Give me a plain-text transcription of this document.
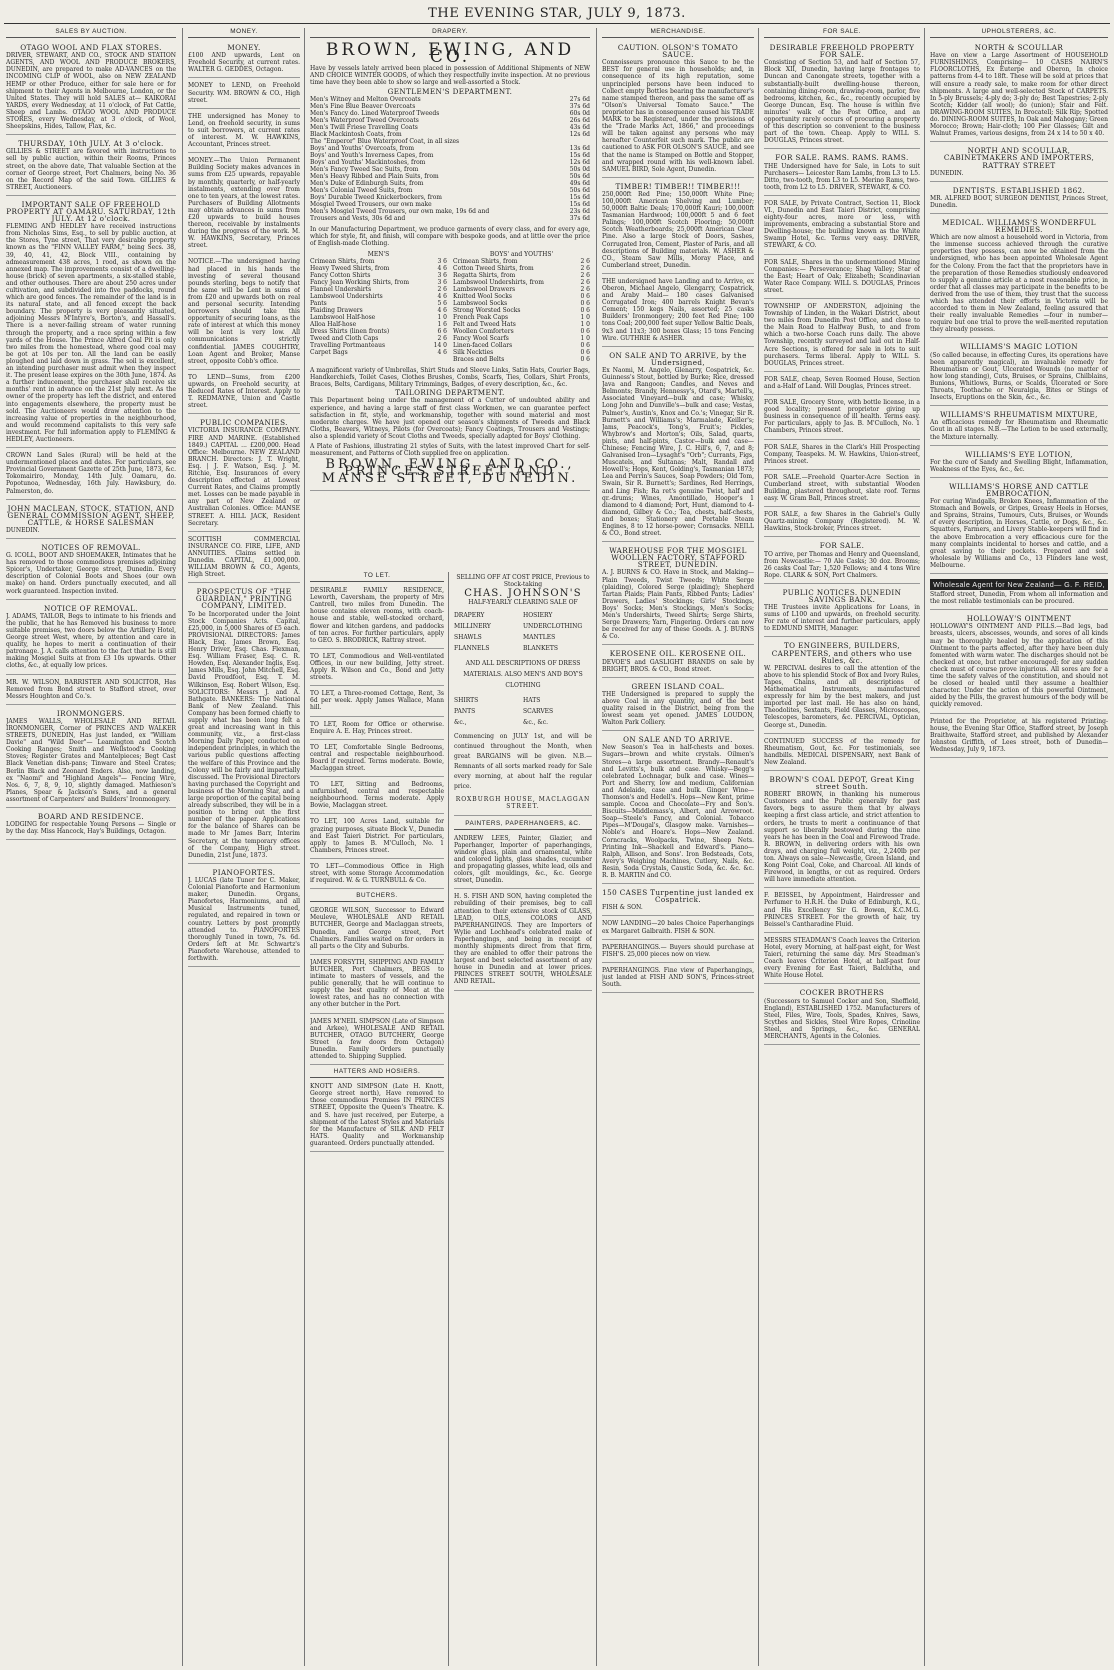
THE EVENING STAR, JULY 9, 1873.
SALES BY AUCTION.
OTAGO WOOL AND FLAX STORES.

DRIVER, STEWART, AND CO., STOCK AND STATION AGENTS, AND WOOL AND PRODUCE BROKERS, DUNEDIN, are prepared to make AD-VANCES on the INCOMING CLIP of WOOL, also on NEW ZEALAND HEMP or other Produce, either for sale here or for shipment to their Agents in Melbourne, London, or the United States. They will hold SALES at— KAIKORAI YARDS, every Wednesday, at 11 o'clock, of Fat Cattle, Sheep and Lambs. OTAGO WOOL AND PRODUCE STORES, every Wednesday, at 3 o'clock, of Wool, Sheepskins, Hides, Tallow, Flax, &c.

THURSDAY, 10th JULY. At 3 o'clock.

GILLIES & STREET are favored with instructions to sell by public auction, within their Rooms, Princes street, on the above date, That valuable Section at the corner of George street, Port Chalmers, being No. 36 on the Record Map of the said Town. GILLIES & STREET, Auctioneers.

IMPORTANT SALE OF FREEHOLD PROPERTY AT OAMARU. SATURDAY, 12th JULY. At 12 o'clock.

FLEMING AND HEDLEY have received instructions from Nicholas Sims, Esq., to sell by public auction, at the Stores, Tyne street, That very desirable property known as the "FINN VALLEY FARM," being Secs. 38, 39, 40, 41, 42, Block VIII., containing by admeasurement 438 acres, 1 rood, as shown on the annexed map. The improvements consist of a dwelling-house (brick) of seven apartments, a six-stalled stable, and other outhouses. There are about 250 acres under cultivation, and subdivided into five paddocks, round which are good fences. The remainder of the land is in its natural state, and all fenced except the back boundary. The property is very pleasantly situated, adjoining Messrs M'Intyre's, Borton's, and Hassall's. There is a never-failing stream of water running through the property, and a race spring within a few yards of the House. The Prince Alfred Coal Pit is only two miles from the homestead, where good coal may be got at 10s per ton. All the land can be easily ploughed and laid down in grass. The soil is excellent, an intending purchaser must admit when they inspect it. The present lease expires on the 30th June, 1874. As a further inducement, the purchaser shall receive six months' rent in advance on the 21st July next. As the owner of the property has left the district, and entered into engagements elsewhere, the property must be sold. The Auctioneers would draw attention to the increasing value of properties in the neighbourhood, and would recommend capitalists to this very safe investment. For full information apply to FLEMING & HEDLEY, Auctioneers.

CROWN Land Sales (Rural) will be held at the undermentioned places and dates. For particulars, see Provincial Government Gazette of 25th June, 1873, &c. Tokomairiro, Monday, 14th July. Oamaru, do. Popotunoa, Wednesday, 16th July. Hawksbury, do. Palmerston, do.

JOHN MACLEAN, STOCK, STATION, AND GENERAL COMMISSION AGENT, SHEEP, CATTLE, & HORSE SALESMAN

DUNEDIN.

NOTICES OF REMOVAL.

G. ICOLL, BOOT AND SHOEMAKER, Intimates that he has removed to those commodious premises adjoining Spicer's, Undertaker, George street, Dunedin. Every description of Colonial Boots and Shoes (our own make) on hand. Orders punctually executed, and all work guaranteed. Inspection invited.

NOTICE OF REMOVAL.

J. ADAMS, TAILOR, Begs to intimate to his friends and the public, that he has Removed his business to more suitable premises, two doors below the Artillery Hotel, George street West, where, by attention and care in quality, he hopes to merit a continuation of their patronage. J. A. calls attention to the fact that he is still making Mosgiel Suits at from £3 10s upwards. Other cloths, &c., at equally low prices.

MR. W. WILSON, BARRISTER AND SOLICITOR, Has Removed from Bond street to Stafford street, over Messrs Houghton and Co.'s.

IRONMONGERS.

JAMES WALLS, WHOLESALE AND RETAIL IRONMONGER, Corner of PRINCES AND WALKER STREETS, DUNEDIN, Has just landed, ex "William Davie" and "Wild Deer"— Leamington and Scotch Cooking Ranges; Smith and Wellstood's Cooking Stoves; Register Grates and Mantelpieces; Begt Cast Black Venetian dish-pans; Tinware and Steel Crates; Berlin Black and Zeonard Enders. Also, now landing, ex "Naomi" and "Highland Angels"— Fencing Wire, Nos. 6, 7, 8, 9, 10, slightly damaged. Mathieson's Planes, Spear & Jackson's Saws, and a general assortment of Carpenters' and Builders' Ironmongery.

BOARD AND RESIDENCE.

LODGING for respectable Young Persons — Single or by the day. Miss Hancock, Hay's Buildings, Octagon.

MONEY.
MONEY.

£100 AND upwards, Lent on Freehold Security, at current rates. WALTER G. GEDDES, Octagon.

MONEY to LEND, on Freehold Security. WM. BROWN & CO., High street.

THE undersigned has Money to Lend, on freehold security, in sums to suit borrowers, at current rates of interest. M. W. HAWKINS, Accountant, Princes street.

MONEY.—The Union Permanent Building Society makes advances in sums from £25 upwards, repayable by monthly, quarterly, or half-yearly instalments, extending over from one to ten years, at the lowest rates. Purchasers of Building Allotments may obtain advances in sums from £20 upwards to build houses thereon, receivable by instalments during the progress of the work. M. W. HAWKINS, Secretary, Princes street.

NOTICE.—The undersigned having had placed in his hands the investing of several thousand pounds sterling, begs to notify that the same will be Lent in sums of from £20 and upwards both on real and personal security. Intending borrowers should take this opportunity of securing loans, as the rate of interest at which this money will be lent is very low. All communications strictly confidential. JAMES COUGHTRY, Loan Agent and Broker, Manse street, opposite Cobb's office.

TO LEND—Sums, from £200 upwards, on Freehold security, at Reduced Rates of Interest. Apply to T. REDMAYNE, Union and Castle street.

PUBLIC COMPANIES.

VICTORIA INSURANCE COMPANY. FIRE AND MARINE. (Established 1849.) CAPITAL ... £200,000. Head Office: Melbourne. NEW ZEALAND BRANCH. Directors: J. T. Wright, Esq. | J. F. Watson, Esq. J. M. Ritchie, Esq. Insurances of every description effected at Lowest Current Rates, and Claims promptly met. Losses can be made payable in any part of New Zealand or Australian Colonies. Office: MANSE STREET. A. HILL JACK, Resident Secretary.

SCOTTISH COMMERCIAL INSURANCE CO. FIRE, LIFE, AND ANNUITIES. Claims settled in Dunedin. CAPITAL, £1,000,000. WILLIAM BROWN & CO., Agents, High Street.

PROSPECTUS OF "THE GUARDIAN," PRINTING COMPANY, LIMITED.

To be Incorporated under the Joint Stock Companies Acts. Capital, £25,000, in 5,000 Shares of £5 each. PROVISIONAL DIRECTORS: James Black, Esq. James Brown, Esq. Henry Driver, Esq. Chas. Flexman, Esq. William Fraser, Esq. C. R. Howden, Esq. Alexander Inglis, Esq. James Mills, Esq. John Mitchell, Esq. David Proudfoot, Esq. T. M. Wilkinson, Esq. Robert Wilson, Esq. SOLICITORS: Messrs J. and A. Bathgate. BANKERS: The National Bank of New Zealand. This Company has been formed chiefly to supply what has been long felt a great and increasing want in this community, viz., a first-class Morning Daily Paper, conducted on independent principles, in which the various public questions affecting the welfare of this Province and the Colony will be fairly and impartially discussed. The Provisional Directors having purchased the Copyright and business of the Morning Star, and a large proportion of the capital being already subscribed, they will be in a position to bring out the first number of the paper. Applications for the balance of Shares can be made to Mr James Barr, Interim Secretary, at the temporary offices of the Company, High street. Dunedin, 21st June, 1873.

PIANOFORTES.

J. LUCAS (late Tuner for C. Maker, Colonial Pianoforte and Harmonium maker, Dunedin. Organs, Pianofortes, Harmoniums, and all Musical Instruments tuned, regulated, and repaired in town or country. Letters by post promptly attended to. PIANOFORTES thoroughly Tuned in town, 7s. 6d. Orders left at Mr. Schwartz's Pianoforte Warehouse, attended to forthwith.

DRAPERY.
BROWN, EWING, AND CO.

Have by vessels lately arrived been placed in possession of Additional Shipments of NEW AND CHOICE WINTER GOODS, of which they respectfully invite inspection. At no previous time have they been able to show so large and well-assorted a Stock.

GENTLEMEN'S DEPARTMENT.
Men's Witney and Melton Overcoats	27s 6d
Men's Fine Blue Beaver Overcoats	37s 6d
Men's Fancy do. Lined Waterproof Tweeds	60s 0d
Men's Waterproof Tweed Overcoats	26s 6d
Men's Twill Friese Travelling Coats	43s 6d
Black Mackintosh Coats, from	12s 6d
The "Emperor" Blue Waterproof Coat, in all sizes	
Boys' and Youths' Overcoats, from	13s 6d
Boys' and Youth's Inverness Capes, from	15s 6d
Boys' and Youths' Mackintoshes, from	12s 6d
Men's Fancy Tweed Sac Suits, from	50s 0d
Men's Heavy Ribbed and Plain Suits, from	50s 6d
Men's Duke of Edinburgh Suits, from	49s 6d
Men's Colonial Tweed Suits, from	50s 6d
Boys' Durable Tweed Knickerbockers, from	15s 6d
Mosgiel Tweed Trousers, our own make	15s 6d
Men's Mosgiel Tweed Trousers, our own make, 19s 6d and	23s 6d
Trousers and Vests, 30s 6d and	37s 6d

In our Manufacturing Department, we produce garments of every class, and for every age, which for style, fit, and finish, will compare with bespoke goods, and at little over the price of English-made Clothing.

MEN'S
Crimean Shirts, from	3 6
Heavy Tweed Shirts, from	4 6
Fancy Cotton Shirts	3 6
Fancy Jean Working Shirts, from	3 6
Flannel Undershirts	2 6
Lambswool Undershirts	4 6
Pants	5 6
Plaiding Drawers	4 6
Lambswool Half-hose	1 0
Alloa Half-hose	1 6
Dress Shirts (linen fronts)	6 6
Tweed and Cloth Caps	2 6
Travelling Portmanteaus	14 0
Carpet Bags	4 6
BOYS' and YOUTHS'
Crimean Shirts, from	2 6
Cotton Tweed Shirts, from	2 6
Regatta Shirts, from	2 6
Lambswool Undershirts, from	2 6
Lambswool Drawers	2 6
Knitted Wool Socks	0 6
Lambswool Socks	0 6
Strong Worsted Socks	0 6
French Peak Caps	1 0
Felt and Tweed Hats	1 0
Woollen Comforters	0 6
Fancy Wool Scarfs	1 0
Linen-faced Collars	0 6
Silk Neckties	0 6
Braces and Belts	0 6

A magnificent variety of Umbrellas, Shirt Studs and Sleeve Links, Satin Hats, Courier Bags, Handkerchiefs, Toilet Cases, Clothes Brushes, Combs, Scarfs, Ties, Collars, Shirt Fronts, Braces, Belts, Cardigans, Military Trimmings, Badges, of every description, &c., &c.

TAILORING DEPARTMENT.

This Department being under the management of a Cutter of undoubted ability and experience, and having a large staff of first class Workmen, we can guarantee perfect satisfaction in fit, style, and workmanship, together with sound material and most moderate charges. We have just opened our season's shipments of Tweeds and Black Cloths, Beavers, Witneys, Pilots (for Overcoats); Fancy Coatings, Trousers and Vestings; also a splendid variety of Scout Cloths and Tweeds, specially adapted for Boys' Clothing.

A Plate of Fashions, illustrating 21 styles of Suits, with the latest improved Chart for self-measurement, and Patterns of Cloth supplied free on application.

BROWN, EWING, AND CO., PRINCES STREET AND MANSE STREET, DUNEDIN.
TO LET.

DESIRABLE FAMILY RESIDENCE, Leworth, Caversham, the property of Mrs Cantrell, two miles from Dunedin. The house contains eleven rooms, with coach-house and stable, well-stocked orchard, flower and kitchen gardens, and paddocks of ten acres. For further particulars, apply to GEO. S. BRODRICK, Rattray street.

TO LET, Commodious and Well-ventilated Offices, in our new building, Jetty street. Apply R. Wilson and Co., Bond and Jetty streets.

TO LET, a Three-roomed Cottage, Rent, 3s 6d per week. Apply James Wallace, Mann hill.

TO LET, Room for Office or otherwise. Enquire A. E. Hay, Princes street.

TO LET, Comfortable Single Bedrooms, central and respectable neighbourhood. Board if required. Terms moderate. Bowie, Maclaggan street.

TO LET, Sitting and Bedrooms, unfurnished, central and respectable neighbourhood. Terms moderate. Apply Bowie, Maclaggan street.

TO LET, 100 Acres Land, suitable for grazing purposes, situate Block V., Dunedin and East Taieri District. For particulars, apply to James B. M'Culloch, No. 1 Chambers, Princes street.

TO LET—Commodious Office in High street, with some Storage Accommodation if required. W. & G. TURNBULL & Co.

BUTCHERS.

GEORGE WILSON, Successor to Edward Meuleve, WHOLESALE AND RETAIL BUTCHER, George and Maclaggan streets, Dunedin, and George street, Port Chalmers. Families waited on for orders in all parts o the City and Suburbs.

JAMES FORSYTH, SHIPPING AND FAMILY BUTCHER, Port Chalmers, BEGS to intimate to masters of vessels, and the public generally, that he will continue to supply the best quality of Meat at the lowest rates, and has no connection with any other butcher in the Port.

JAMES M'NEIL SIMPSON (Late of Simpson and Arkee), WHOLESALE AND RETAIL BUTCHER, OTAGO BUTCHERY, George Street (a few doors from Octagon) Dunedin. Family Orders punctually attended to. Shipping Supplied.

HATTERS AND HOSIERS.

KNOTT AND SIMPSON (Late H. Knott, George street north), Have removed to those commodious Premises IN PRINCES STREET, Opposite the Queen's Theatre. K. and S. have just received, per Euterpe, a shipment of the Latest Styles and Materials for the Manufacture of SILK AND FELT HATS. Quality and Workmanship guaranteed. Orders punctually attended.

SELLING OFF AT COST PRICE, Previous to Stock-taking

CHAS. JOHNSON'S

HALF-YEARLY CLEARING SALE OF

DRAPERY	HOSIERY
MILLINERY	UNDERCLOTHING
SHAWLS	MANTLES
FLANNELS	BLANKETS

AND ALL DESCRIPTIONS OF DRESS MATERIALS. ALSO MEN'S AND BOY'S CLOTHING

SHIRTS	HATS
PANTS	SCARVES
&c.,	&c., &c.

Commencing on JULY 1st, and will be continued throughout the Month, when great BARGAINS will be given. N.B.—Remnants of all sorts marked ready for Sale every morning, at about half the regular price.

ROXBURGH HOUSE, MACLAGGAN STREET.

PAINTERS, PAPERHANGERS, &C.

ANDREW LEES, Painter, Glazier, and Paperhanger, Importer of paperhangings, window glass, plain and ornamental, white and colored lights, glass shades, cucumber and propagating glasses, white lead, oils and colors, gilt mouldings, &c., &c. George street, Dunedin.

H. S. FISH AND SON, having completed the rebuilding of their premises, beg to call attention to their extensive stock of GLASS, LEAD, OILS, COLORS AND PAPERHANGINGS. They are Importers of Wylie and Lochhead's celebrated make of Paperhangings, and being in receipt of monthly shipments direct from that firm, they are enabled to offer their patrons the largest and best selected assortment of any house in Dunedin and at lower prices. PRINCES STREET SOUTH, WHOLESALE AND RETAIL.

MERCHANDISE.
CAUTION. OLSON'S TOMATO SAUCE.

Connoisseurs pronounce this Sauce to be the BEST for general use in households; and, in consequence of its high reputation, some unprincipled persons have been induced to Collect empty Bottles bearing the manufacturer's name stamped thereon, and pass the same off as "Olson's Universal Tomato Sauce." The proprietor has in consequence caused his TRADE MARK to be Registered, under the provisions of the "Trade Marks Act, 1866," and proceedings will be taken against any persons who may hereafter Counterfeit such mark. The public are cautioned to ASK FOR OLSON'S SAUCE, and see that the name is Stamped on Bottle and Stopper, and wrapped round with his well-known label. SAMUEL BIRD, Sole Agent, Dunedin.

TIMBER! TIMBER!! TIMBER!!!

250,000ft Red Pine; 150,000ft White Pine; 100,000ft American Shelving and Lumber; 50,000ft Baltic Deals; 170,000ft Kauri; 100,000ft Tasmanian Hardwood; 100,000ft 5 and 6 feet Palings; 100,000ft Scotch Flooring; 50,000ft Scotch Weatherboards; 25,000ft American Clear Pine. Also a large Stock of Doors, Sashes, Corrugated Iron, Cement, Plaster of Paris, and all descriptions of Building materials. W. ASHER & CO., Steam Saw Mills, Moray Place, and Cumberland street, Dunedin.

THE undersigned have Landing and to Arrive, ex Oberon, Michael Angelo, Glengarry, Cospatrick, and Araby Maid— 180 cases Galvanised Corrugated Iron; 400 barrels Knight Bevan's Cement; 150 kegs Nails, assorted; 25 casks Builders' Ironmongery; 200 feet Red Pine; 100 tons Coal; 200,000 feet super Yellow Baltic Deals, 9x3 and 11x3; 300 boxes Glass; 15 tons Fencing Wire. GUTHRIE & ASHER.

ON SALE AND TO ARRIVE, by the Undersigned,

Ex Naomi, M. Angelo, Glenarry, Cospatrick, &c. Guinness's Stout, bottled by Burke; Rice, dressed Java and Rangoon; Candles, and Neves and Belmonts; Brandy, Hennessy's, Otard's, Martell's, Associated Vineyard—bulk and case; Whisky, Long John and Dunville's—bulk and case; Vestas, Palmer's, Austin's, Knox and Co.'s; Vinegar, Sir R. Burnett's and Williams's; Marmalade, Keiller's; Jams, Peacock's, Tong's, Fruit's; Pickles, Whybrow's and Morton's; Oils, Salad, quarts, pints, and half-pints, Castor—bulk and case—Chinese; Fencing Wire, J. C. Hill's, 6, 7, and 8; Galvanised Iron—Lysaght's "Orb"; Currants, Figs, Muscatels, and Sultanas; Malt, Randall and Howell's; Hops, Kent, Golding's, Tasmanian 1873; Lea and Perrin's Sauces, Soap Powders; Old Tom, Swain, Sir R. Burnett's; Sardines, Red Herrings, and Ling Fish; Ra ret's genuine Twist, half and qr.-drums; Wines, Amontillado, Hooper's 1 diamond to 4 diamond; Port, Hunt, diamond to 4-diamond, Gilbey & Co.; Tea, chests, half-chests, and boxes; Stationery and Portable Steam Engines, 8 to 12 horse-power; Cornsacks. NEILL & CO., Bond street.

WAREHOUSE FOR THE MOSGIEL WOOLLEN FACTORY, STAFFORD STREET, DUNEDIN.

A. J. BURNS & CO. Have in Stock, and Making— Plain Tweeds, Twist Tweeds; White Serge (plaiding), Colored Serge (plaiding); Shepherd Tartan Plaids; Plain Pants, Ribbed Pants; Ladies' Drawers, Ladies' Stockings; Girls' Stockings, Boys' Socks; Men's Stockings, Men's Socks; Men's Undershirts, Tweed Shirts; Serge Shirts, Serge Drawers; Yarn, Fingering. Orders can now be received for any of these Goods. A. J. BURNS & Co.

KEROSENE OIL. KEROSENE OIL.

DEVOE'S and GASLIGHT BRANDS on sale by BRIGHT, BROS. & CO., Bond street.

GREEN ISLAND COAL.

THE Undersigned is prepared to supply the above Coal in any quantity, and of the best quality raised in the District, being from the lowest seam yet opened. JAMES LOUDON, Walton Park Colliery.

ON SALE AND TO ARRIVE.

New Season's Tea in half-chests and boxes. Sugars—brown and white crystals. Oilmen's Stores—a large assortment. Brandy—Renault's and Levitts's, bulk and case. Whisky—Begg's celebrated Lochnagar, bulk and case. Wines—Port and Sherry, low and medium, Californian and Adelaide, case and bulk. Ginger Wine—Thomson's and Hedell's. Hops—New Kent, prime sample. Cocoa and Chocolate—Fry and Son's. Biscuits—Middlemass's, Albert, and Arrowroot. Soap—Steele's Fancy, and Colonial. Tobacco Pipes—M'Dougal's, Glasgow make. Varnishes—Noble's and Hoare's. Hops—New Zealand. Corncracks, Woolpacks, Twine, Sheep Nets. Printing Ink—Shackell and Edward's. Piano—Ralph, Allison, and Sons'. Iron Bedsteads, Cots, Avery's Weighing Machines, Cutlery, Nails, &c. Resin, Soda Crystals, Caustic Soda, &c. &c. &c. R. B. MARTIN and CO.

150 CASES Turpentine just landed ex Cospatrick.

FISH & SON.

NOW LANDING—20 bales Choice Paperhangings ex Margaret Galbraith. FISH & SON.

PAPERHANGINGS.— Buyers should purchase at FISH'S. 25,000 pieces now on view.

PAPERHANGINGS. Fine view of Paperhangings, just landed at FISH AND SON'S, Princes-street South.

FOR SALE.
DESIRABLE FREEHOLD PROPERTY FOR SALE.

Consisting of Section 53, and half of Section 57, Block XII, Dunedin, having large frontages to Duncan and Canongate streets, together with a substantially-built dwelling-house thereon, containing dining-room, drawing-room, parlor, five bedrooms, kitchen, &c., &c., recently occupied by George Duncan, Esq. The house is within five minutes' walk of the Post Office, and an opportunity rarely occurs of procuring a property of this description so convenient to the business part of the town. Cheap. Apply to WILL S. DOUGLAS, Princes street.

FOR SALE. RAMS. RAMS. RAMS.

THE Undersigned have for Sale, in Lots to suit Purchasers— Leicester Ram Lambs, from L3 to L5. Ditto, two-tooth, from L3 to L5. Merino Rams, two-tooth, from L2 to L5. DRIVER, STEWART, & CO.

FOR SALE, by Private Contract, Section 11, Block VI., Dunedin and East Taieri District, comprising eighty-four acres, more or less, with improvements, embracing a substantial Store and Dwelling-house; the building known as the White Swamp Hotel, &c. Terms very easy. DRIVER, STEWART, & CO.

FOR SALE, Shares in the undermentioned Mining Companies:— Perseverance; Shag Valley; Star of the East; Heart of Oak; Elizabeth; Scandinavian Water Race Company. WILL S. DOUGLAS, Princes street.

TOWNSHIP OF ANDERSTON, adjoining the Township of Linden, in the Wakari District, about two miles from Dunedin Post Office, and close to the Main Road to Halfway Bush, to and from which a two-horse Coach runs daily. The above Township, recently surveyed and laid out in Half-Acre Sections, is offered for sale in lots to suit purchasers. Terms liberal. Apply to WILL S. DOUGLAS, Princes street.

FOR SALE, cheap, Seven Roomed House, Section and a-Half of Land. Will Douglas, Princes street.

FOR SALE, Grocery Store, with bottle license, in a good locality; present proprietor giving up business in consequence of ill health. Terms easy. For particulars, apply to Jas. B. M'Culloch, No. 1 Chambers, Princes street.

FOR SALE, Shares in the Clark's Hill Prospecting Company, Teaspeks. M. W. Hawkins, Union-street, Princes street.

FOR SALE.—Freehold Quarter-Acre Section in Cumberland street, with substantial Wooden Building, plastered throughout, slate roof. Terms easy. W. Gram Ball, Princes street.

FOR SALE, a few Shares in the Gabriel's Gully Quartz-mining Company (Registered). M. W. Hawkins, Stock-broker, Princes street.

FOR SALE.

TO arrive, per Thomas and Henry and Queensland, from Newcastle:— 70 Ale Casks; 30 doz. Brooms; 26 casks Coal Tar; 1,520 Fellows; and 4 tons Wire Rope. CLARK & SON, Port Chalmers.

PUBLIC NOTICES. DUNEDIN SAVINGS BANK.

THE Trustees invite Applications for Loans, in sums of L100 and upwards, on freehold security. For rate of interest and further particulars, apply to EDMUND SMITH, Manager.

TO ENGINEERS, BUILDERS, CARPENTERS, and others who use Rules, &c.

W. PERCIVAL desires to call the attention of the above to his splendid Stock of Box and Ivory Rules, Tapes, Chains, and all descriptions of Mathematical Instruments, manufactured expressly for him by the best makers, and just imported per last mail. He has also on hand, Theodolites, Sextants, Field Glasses, Microscopes, Telescopes, barometers, &c. PERCIVAL, Optician, George st., Dunedin.

CONTINUED SUCCESS of the remedy for Rheumatism, Gout, &c. For testimonials, see handbills. MEDICAL DISPENSARY, next Bank of New Zealand.

BROWN'S COAL DEPOT, Great King street South.

ROBERT BROWN, in thanking his numerous Customers and the Public generally for past favors, begs to assure them that by always keeping a first class article, and strict attention to orders, he trusts to merit a continuance of that support so liberally bestowed during the nine years he has been in the Coal and Firewood Trade. R. BROWN, in delivering orders with his own drays, and charging full weight, viz., 2,240lb per ton. Always on sale—Newcastle, Green Island, and Kong Point Coal, Coke, and Charcoal. All kinds of Firewood, in lengths, or cut as required. Orders will have immediate attention.

F. BEISSEL, by Appointment, Hairdresser and Perfumer to H.R.H. the Duke of Edinburgh, K.G., and His Excellency Sir G. Bowen, K.C.M.G. PRINCES STREET. For the growth of hair, try Beissel's Cantharadine Fluid.

MESSRS STEADMAN'S Coach leaves the Criterion Hotel, every Morning, at half-past eight, for West Taieri, returning the same day. Mrs Steadman's Coach leaves Criterion Hotel, at half-past four every Evening for East Taieri, Balclutha, and White House Hotel.

COCKER BROTHERS

(Successors to Samuel Cocker and Son, Sheffield, England), ESTABLISHED 1752. Manufacturers of Steel, Files, Wire, Tools, Spades, Knives, Saws, Scythes and Sickles, Steel Wire Ropes, Crinoline Steel, and Springs, &c., &c. GENERAL MERCHANTS, Agents in the Colonies.

UPHOLSTERERS, &C.
NORTH & SCOULLAR

Have on view a Large Assortment of HOUSEHOLD FURNISHINGS, Comprising— 10 CASES NAIRN'S FLOORCLOTHS, Ex Euterpe and Oberon, In choice patterns from 4-4 to 18ft. These will be sold at prices that will ensure a ready sale, to make room for other direct shipments. A large and well-selected Stock of CARPETS. In 5-ply Brussels; 4-ply do; 3-ply do; Best Tapestries; 2-ply Scotch; Kidder (all wool); do (union); Stair and Felt. DRAWING-ROOM SUITES, In Brocatell; Silk Rip; Spotted do. DINING-ROOM SUITES, In Oak and Mahogany; Green Morocco; Brown; Hair-cloth; 100 Pier Glasses; Gilt and Walnut Frames, various designs, from 24 x 14 to 50 x 40.

NORTH AND SCOULLAR, CABINETMAKERS AND IMPORTERS, RATTRAY STREET

DUNEDIN.

DENTISTS. ESTABLISHED 1862.

MR. ALFRED BOOT, SURGEON DENTIST, Princes Street, Dunedin.

MEDICAL. WILLIAMS'S WONDERFUL REMEDIES.

Which are now almost a household word in Victoria, from the immense success achieved through the curative properties they possess, can now be obtained from the undersigned, who has been appointed Wholesale Agent for the Colony. From the fact that the proprietors have in the preparation of those Remedies studiously endeavored to supply a genuine article at a most reasonable price, in order that all classes may participate in the benefits to be derived from the use of them, they trust that the success which has attended their efforts in Victoria will be accorded to them in New Zealand, feeling assured that their really invaluable Remedies —four in number—require but one trial to prove the well-merited reputation they already possess.

WILLIAMS'S MAGIC LOTION

(So called because, in effecting Cures, its operations have been apparently magical), an invaluable remedy for Rheumatism or Gout, Ulcerated Wounds (no matter of how long standing), Cuts, Bruises, or Sprains, Chilblains, Bunions, Whitlows, Burns, or Scalds, Ulcerated or Sore Throats, Toothache or Neuralgia, Bites or Stings of Insects, Eruptions on the Skin, &c., &c.

WILLIAMS'S RHEUMATISM MIXTURE,

An efficacious remedy for Rheumatism and Rheumatic Gout in all stages. N.B.—The Lotion to be used externally, the Mixture internally.

WILLIAMS'S EYE LOTION,

For the cure of Sandy and Swelling Blight, Inflammation, Weakness of the Eyes, &c., &c.

WILLIAMS'S HORSE AND CATTLE EMBROCATION,

For curing Windgalls, Broken Knees, Inflammation of the Stomach and Bowels, or Gripes, Greasy Heels in Horses, and Sprains, Strains, Tumours, Cuts, Bruises, or Wounds of every description, in Horses, Cattle, or Dogs, &c., &c. Squatters, Farmers, and Livery Stable-keepers will find in the above Embrocation a very efficacious cure for the many complaints incidental to horses and cattle, and a great saving to their pockets. Prepared and sold wholesale by Williams and Co., 13 Flinders lane west, Melbourne.

Wholesale Agent for New Zealand— G. F. REID,

Stafford street, Dunedin, From whom all information and the most reliable testimonials can be procured.

HOLLOWAY'S OINTMENT

HOLLOWAY'S OINTMENT AND PILLS.—Bad legs, bad breasts, ulcers, abscesses, wounds, and sores of all kinds may be thoroughly healed by the application of this Ointment to the parts affected, after they have been duly fomented with warm water. The discharges should not be checked at once, but rather encouraged; for any sudden check must of course prove injurious. All sores are for a time the safety valves of the constitution, and should not be closed or healed until they assume a healthier character. Under the action of this powerful Ointment, aided by the Pills, the gravest humours of the body will be quickly removed.

Printed for the Proprietor, at his registered Printing-house, the Evening Star Office, Stafford street, by Joseph Braithwaite, Stafford street, and published by Alexander Johnston Griffith, of Lees street, both of Dunedin—Wednesday, July 9, 1873.
